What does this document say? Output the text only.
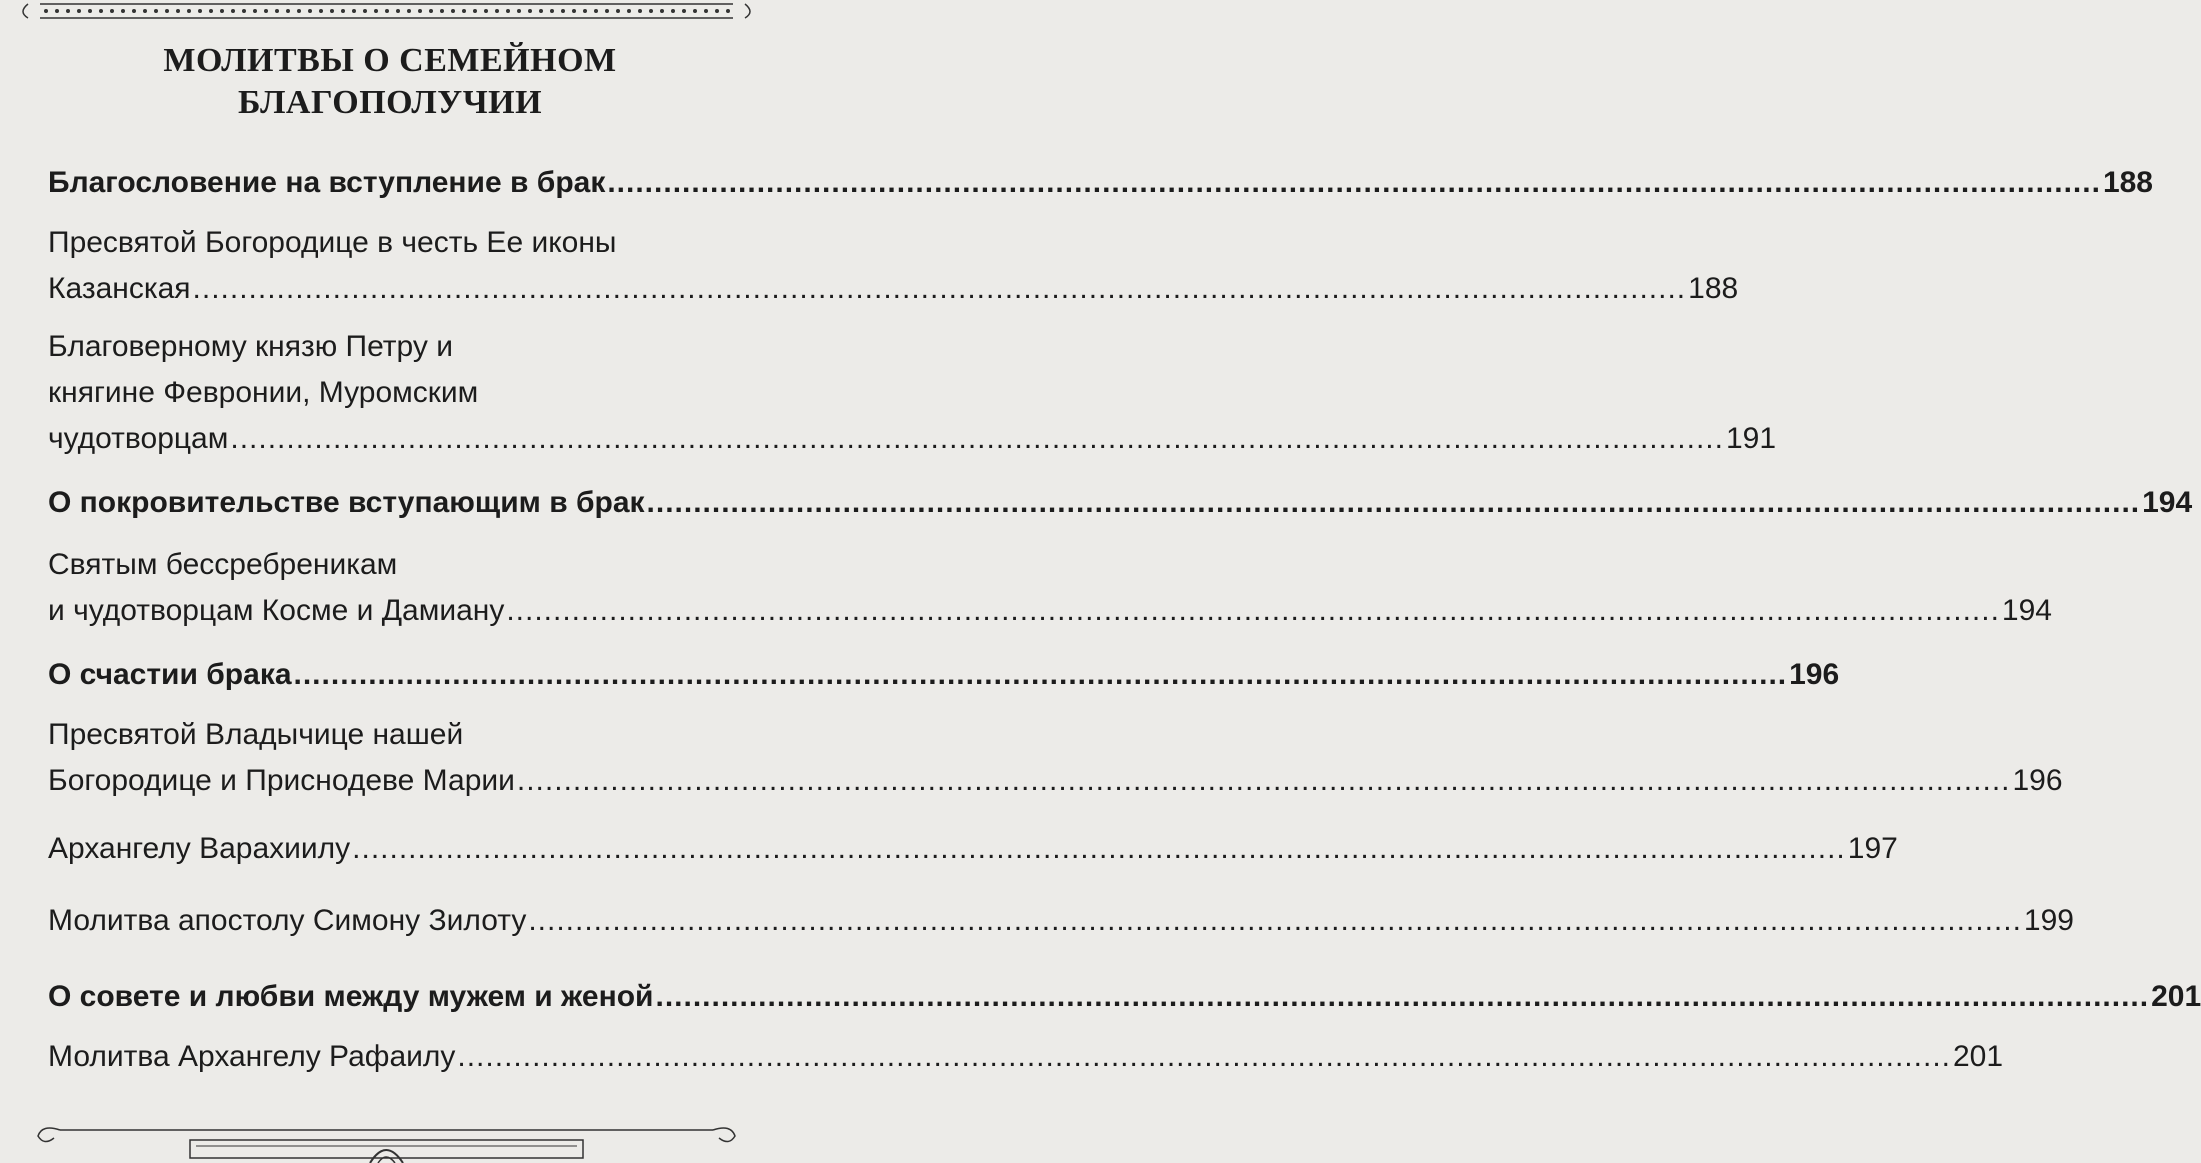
МОЛИТВЫ О СЕМЕЙНОМ
БЛАГОПОЛУЧИИ
Благословение на вступление в брак ................................................................................................................................................................ 188
Пресвятой Богородице в честь Ее иконы
Казанская ................................................................................................................................................................ 188
Благоверному князю Петру и
княгине Февронии, Муромским
чудотворцам ................................................................................................................................................................ 191
О покровительстве вступающим в брак ................................................................................................................................................................ 194
Святым бессребреникам
и чудотворцам Косме и Дамиану ................................................................................................................................................................ 194
О счастии брака ................................................................................................................................................................ 196
Пресвятой Владычице нашей
Богородице и Приснодеве Марии ................................................................................................................................................................ 196
Архангелу Варахиилу ................................................................................................................................................................ 197
Молитва апостолу Симону Зилоту ................................................................................................................................................................ 199
О совете и любви между мужем и женой ................................................................................................................................................................ 201
Молитва Архангелу Рафаилу ................................................................................................................................................................ 201
